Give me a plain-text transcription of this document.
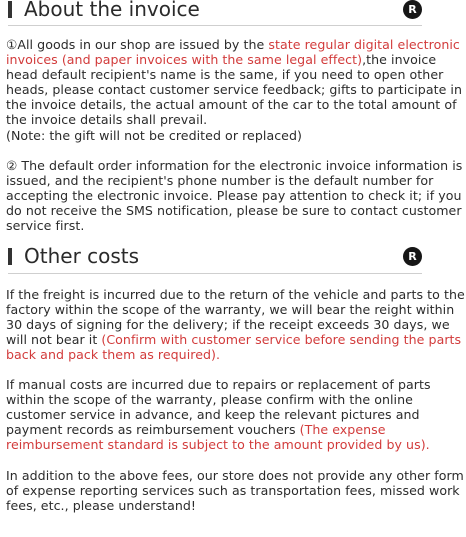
About the invoice	R
①All goods in our shop are issued by the state regular digital electronic invoices (and paper invoices with the same legal effect),the invoice head default recipient's name is the same, if you need to open other heads, please contact customer service feedback; gifts to participate in the invoice details, the actual amount of the car to the total amount of the invoice details shall prevail.
(Note: the gift will not be credited or replaced)
② The default order information for the electronic invoice information is issued, and the recipient's phone number is the default number for accepting the electronic invoice. Please pay attention to check it; if you do not receive the SMS notification, please be sure to contact customer service first.
Other costs	R
If the freight is incurred due to the return of the vehicle and parts to the factory within the scope of the warranty, we will bear the reight within 30 days of signing for the delivery; if the receipt exceeds 30 days, we will not bear it (Confirm with customer service before sending the parts back and pack them as required).
If manual costs are incurred due to repairs or replacement of parts within the scope of the warranty, please confirm with the online customer service in advance, and keep the relevant pictures and payment records as reimbursement vouchers (The expense reimbursement standard is subject to the amount provided by us).
In addition to the above fees, our store does not provide any other form of expense reporting services such as transportation fees, missed work fees, etc., please understand!
